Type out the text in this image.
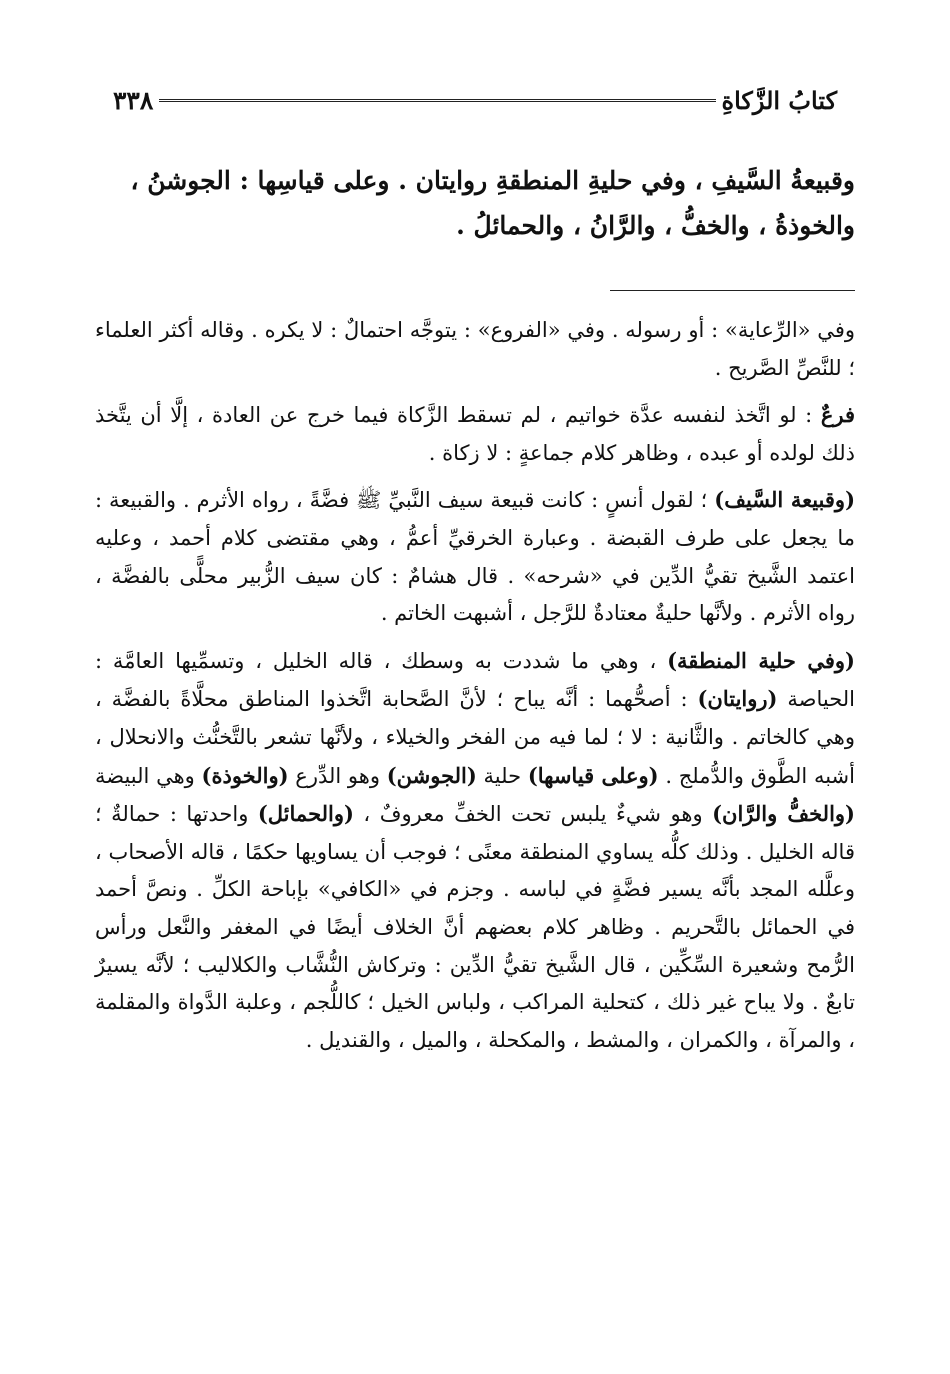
٣٣٨	كتابُ الزَّكاةِ

وقبيعةُ السَّيفِ ، وفي حليةِ المنطقةِ روايتان . وعلى قياسِها : الجوشنُ ،

والخوذةُ ، والخفُّ ، والرَّانُ ، والحمائلُ .

وفي «الرِّعاية» : أو رسوله . وفي «الفروع» : يتوجَّه احتمالٌ : لا يكره . وقاله أكثر العلماء ؛ للنَّصِّ الصَّريح .

فرعٌ : لو اتَّخذ لنفسه عدَّة خواتيم ، لم تسقط الزَّكاة فيما خرج عن العادة ، إلَّا أن يتَّخذ ذلك لولده أو عبده ، وظاهر كلام جماعةٍ : لا زكاة .

(وقبيعة السَّيف) ؛ لقول أنسٍ : كانت قبيعة سيف النَّبيِّ ﷺ فضَّةً ، رواه الأثرم . والقبيعة : ما يجعل على طرف القبضة . وعبارة الخرقيِّ أعمُّ ، وهي مقتضى كلام أحمد ، وعليه اعتمد الشَّيخ تقيُّ الدِّين في «شرحه» . قال هشامٌ : كان سيف الزُّبير محلًّى بالفضَّة ، رواه الأثرم . ولأنَّها حليةٌ معتادةٌ للرَّجل ، أشبهت الخاتم .

(وفي حلية المنطقة) ، وهي ما شددت به وسطك ، قاله الخليل ، وتسمِّيها العامَّة : الحياصة (روايتان) : أصحُّهما : أنَّه يباح ؛ لأنَّ الصَّحابة اتَّخذوا المناطق محلَّاةً بالفضَّة ، وهي كالخاتم . والثَّانية : لا ؛ لما فيه من الفخر والخيلاء ، ولأنَّها تشعر بالتَّخنُّث والانحلال ، أشبه الطَّوق والدُّملج . (وعلى قياسها) حلية (الجوشن) وهو الدِّرع (والخوذة) وهي البيضة (والخفُّ والرَّان) وهو شيءٌ يلبس تحت الخفِّ معروفٌ ، (والحمائل) واحدتها : حمالةٌ ؛ قاله الخليل . وذلك كلُّه يساوي المنطقة معنًى ؛ فوجب أن يساويها حكمًا ، قاله الأصحاب ، وعلَّله المجد بأنَّه يسير فضَّةٍ في لباسه . وجزم في «الكافي» بإباحة الكلِّ . ونصَّ أحمد في الحمائل بالتَّحريم . وظاهر كلام بعضهم أنَّ الخلاف أيضًا في المغفر والنَّعل ورأس الرُّمح وشعيرة السِّكِّين ، قال الشَّيخ تقيُّ الدِّين : وتركاش النُّشَّاب والكلاليب ؛ لأنَّه يسيرٌ تابعٌ . ولا يباح غير ذلك ، كتحلية المراكب ، ولباس الخيل ؛ كاللُّجم ، وعلبة الدَّواة والمقلمة ، والمرآة ، والكمران ، والمشط ، والمكحلة ، والميل ، والقنديل .
